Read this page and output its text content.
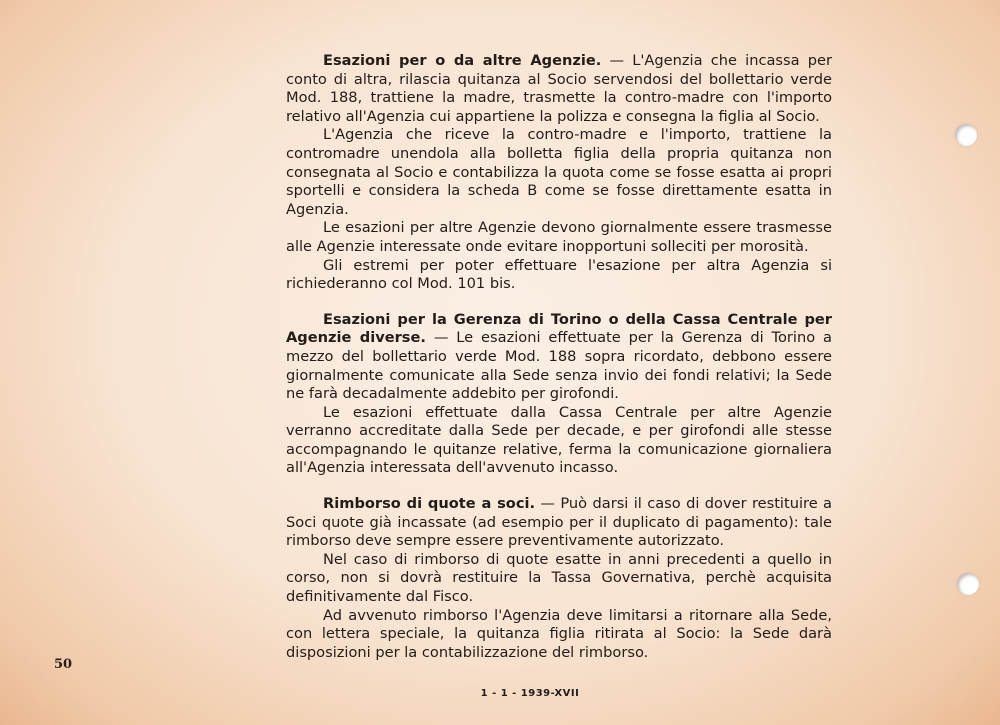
Esazioni per o da altre Agenzie. — L'Agenzia che incassa per conto di altra, rilascia quitanza al Socio servendosi del bollettario verde Mod. 188, trattiene la madre, trasmette la contro-madre con l'importo relativo all'Agenzia cui appartiene la polizza e consegna la figlia al Socio.

L'Agenzia che riceve la contro-madre e l'importo, trattiene la contromadre unendola alla bolletta figlia della propria quitanza non consegnata al Socio e contabilizza la quota come se fosse esatta ai propri sportelli e considera la scheda B come se fosse direttamente esatta in Agenzia.

Le esazioni per altre Agenzie devono giornalmente essere trasmesse alle Agenzie interessate onde evitare inopportuni solleciti per morosità.

Gli estremi per poter effettuare l'esazione per altra Agenzia si richiederanno col Mod. 101 bis.

Esazioni per la Gerenza di Torino o della Cassa Centrale per Agenzie diverse. — Le esazioni effettuate per la Gerenza di Torino a mezzo del bollettario verde Mod. 188 sopra ricordato, debbono essere giornalmente comunicate alla Sede senza invio dei fondi relativi; la Sede ne farà decadalmente addebito per girofondi.

Le esazioni effettuate dalla Cassa Centrale per altre Agenzie verranno accreditate dalla Sede per decade, e per girofondi alle stesse accompagnando le quitanze relative, ferma la comunicazione giornaliera all'Agenzia interessata dell'avvenuto incasso.

Rimborso di quote a soci. — Può darsi il caso di dover restituire a Soci quote già incassate (ad esempio per il duplicato di pagamento): tale rimborso deve sempre essere preventivamente autorizzato.

Nel caso di rimborso di quote esatte in anni precedenti a quello in corso, non si dovrà restituire la Tassa Governativa, perchè acquisita definitivamente dal Fisco.

Ad avvenuto rimborso l'Agenzia deve limitarsi a ritornare alla Sede, con lettera speciale, la quitanza figlia ritirata al Socio: la Sede darà disposizioni per la contabilizzazione del rimborso.

50
1 - 1 - 1939-XVII
